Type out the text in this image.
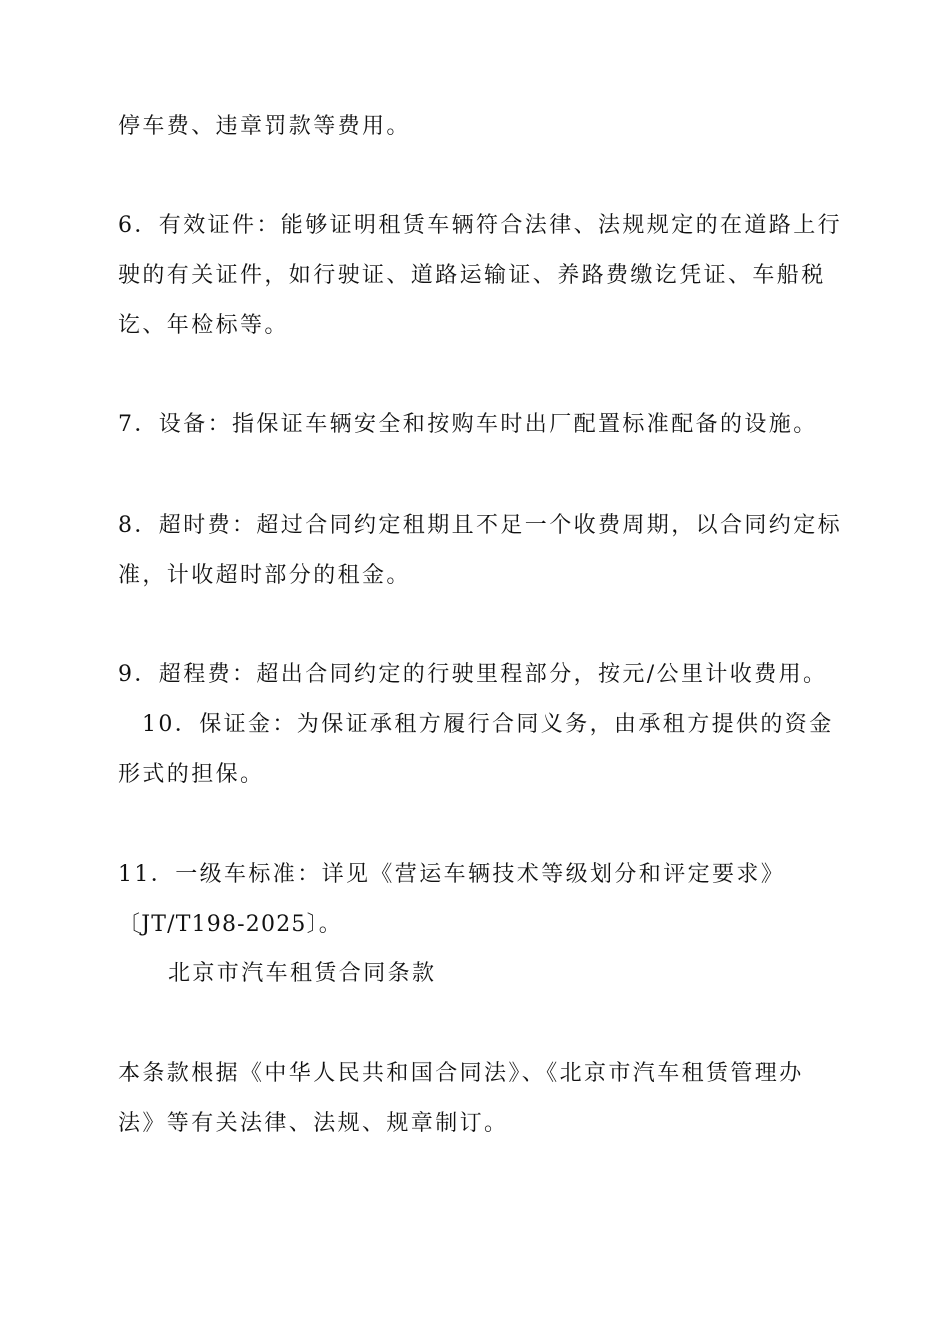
停车费、违章罚款等费用。
6．有效证件：能够证明租赁车辆符合法律、法规规定的在道路上行
驶的有关证件，如行驶证、道路运输证、养路费缴讫凭证、车船税
讫、年检标等。
7．设备：指保证车辆安全和按购车时出厂配置标准配备的设施。
8．超时费：超过合同约定租期且不足一个收费周期，以合同约定标
准，计收超时部分的租金。
9．超程费：超出合同约定的行驶里程部分，按元/公里计收费用。
10．保证金：为保证承租方履行合同义务，由承租方提供的资金
形式的担保。
11．一级车标准：详见《营运车辆技术等级划分和评定要求》
〔JT/T198-2025〕。
北京市汽车租赁合同条款
本条款根据《中华人民共和国合同法》、《北京市汽车租赁管理办
法》等有关法律、法规、规章制订。
